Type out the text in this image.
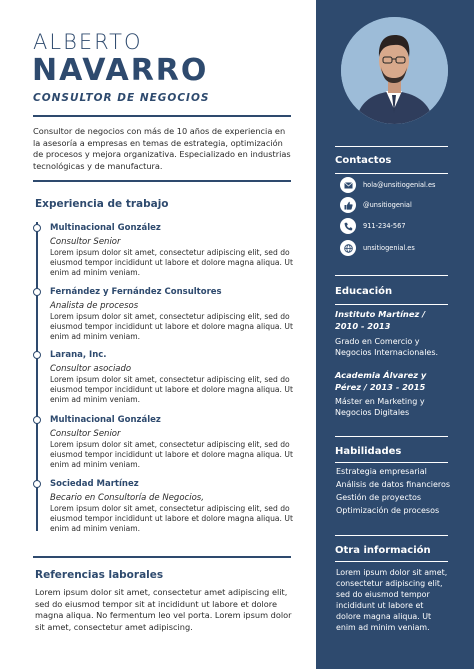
ALBERTO
NAVARRO
CONSULTOR DE NEGOCIOS
Consultor de negocios con más de 10 años de experiencia en la asesoría a empresas en temas de estrategia, optimización de procesos y mejora organizativa. Especializado en industrias tecnológicas y de manufactura.
Experiencia de trabajo
Multinacional González
Consultor Senior
Lorem ipsum dolor sit amet, consectetur adipiscing elit, sed do eiusmod tempor incididunt ut labore et dolore magna aliqua. Ut enim ad minim veniam.
Fernández y Fernández Consultores
Analista de procesos
Lorem ipsum dolor sit amet, consectetur adipiscing elit, sed do eiusmod tempor incididunt ut labore et dolore magna aliqua. Ut enim ad minim veniam.
Larana, Inc.
Consultor asociado
Lorem ipsum dolor sit amet, consectetur adipiscing elit, sed do eiusmod tempor incididunt ut labore et dolore magna aliqua. Ut enim ad minim veniam.
Multinacional González
Consultor Senior
Lorem ipsum dolor sit amet, consectetur adipiscing elit, sed do eiusmod tempor incididunt ut labore et dolore magna aliqua. Ut enim ad minim veniam.
Sociedad Martínez
Becario en Consultoría de Negocios,
Lorem ipsum dolor sit amet, consectetur adipiscing elit, sed do eiusmod tempor incididunt ut labore et dolore magna aliqua. Ut enim ad minim veniam.
Referencias laborales
Lorem ipsum dolor sit amet, consectetur amet adipiscing elit, sed do eiusmod tempor sit at incididunt ut labore et dolore magna aliqua. No fermentum leo vel porta. Lorem ipsum dolor sit amet, consectetur amet adipiscing.
Contactos
hola@unsitiogenial.es
@unsitiogenial
911-234-567
unsitiogenial.es
Educación
Instituto Martínez / 2010 - 2013
Grado en Comercio y Negocios Internacionales.
Academia Álvarez y Pérez / 2013 - 2015
Máster en Marketing y Negocios Digitales
Habilidades
Estrategia empresarial
Análisis de datos financieros
Gestión de proyectos
Optimización de procesos
Otra información
Lorem ipsum dolor sit amet, consectetur adipiscing elit, sed do eiusmod tempor incididunt ut labore et dolore magna aliqua. Ut enim ad minim veniam.
